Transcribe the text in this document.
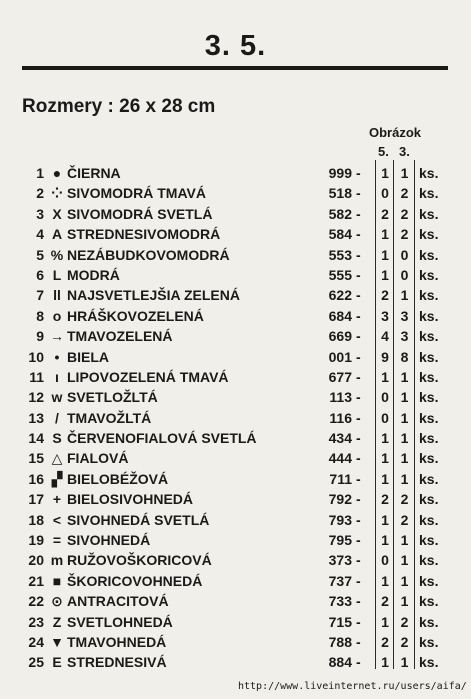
3. 5.
Rozmery : 26 x 28 cm
Obrázok
5. 3.
1 ● ČIERNA	999 - 1 1 ks.
2 ⁘ SIVOMODRÁ TMAVÁ	518 - 0 2 ks.
3 X SIVOMODRÁ SVETLÁ	582 - 2 2 ks.
4 A STREDNESIVOMODRÁ	584 - 1 2 ks.
5 % NEZÁBUDKOVOMODRÁ	553 - 1 0 ks.
6 L MODRÁ	555 - 1 0 ks.
7 ll NAJSVETLEJŠIA ZELENÁ	622 - 2 1 ks.
8 o HRÁŠKOVOZELENÁ	684 - 3 3 ks.
9 → TMAVOZELENÁ	669 - 4 3 ks.
10 • BIELA	001 - 9 8 ks.
11 ı LIPOVOZELENÁ TMAVÁ	677 - 1 1 ks.
12 w SVETLOŽLTÁ	113 - 0 1 ks.
13 / TMAVOŽLTÁ	116 - 0 1 ks.
14 S ČERVENOFIALOVÁ SVETLÁ	434 - 1 1 ks.
15 △ FIALOVÁ	444 - 1 1 ks.
16 ▞ BIELOBÉŽOVÁ	711 - 1 1 ks.
17 + BIELOSIVOHNEDÁ	792 - 2 2 ks.
18 < SIVOHNEDÁ SVETLÁ	793 - 1 2 ks.
19 = SIVOHNEDÁ	795 - 1 1 ks.
20 m RUŽOVOŠKORICOVÁ	373 - 0 1 ks.
21 ■ ŠKORICOVOHNEDÁ	737 - 1 1 ks.
22 ⊙ ANTRACITOVÁ	733 - 2 1 ks.
23 Z SVETLOHNEDÁ	715 - 1 2 ks.
24 ▼ TMAVOHNEDÁ	788 - 2 2 ks.
25 E STREDNESIVÁ	884 - 1 1 ks.
http://www.liveinternet.ru/users/aifa/
